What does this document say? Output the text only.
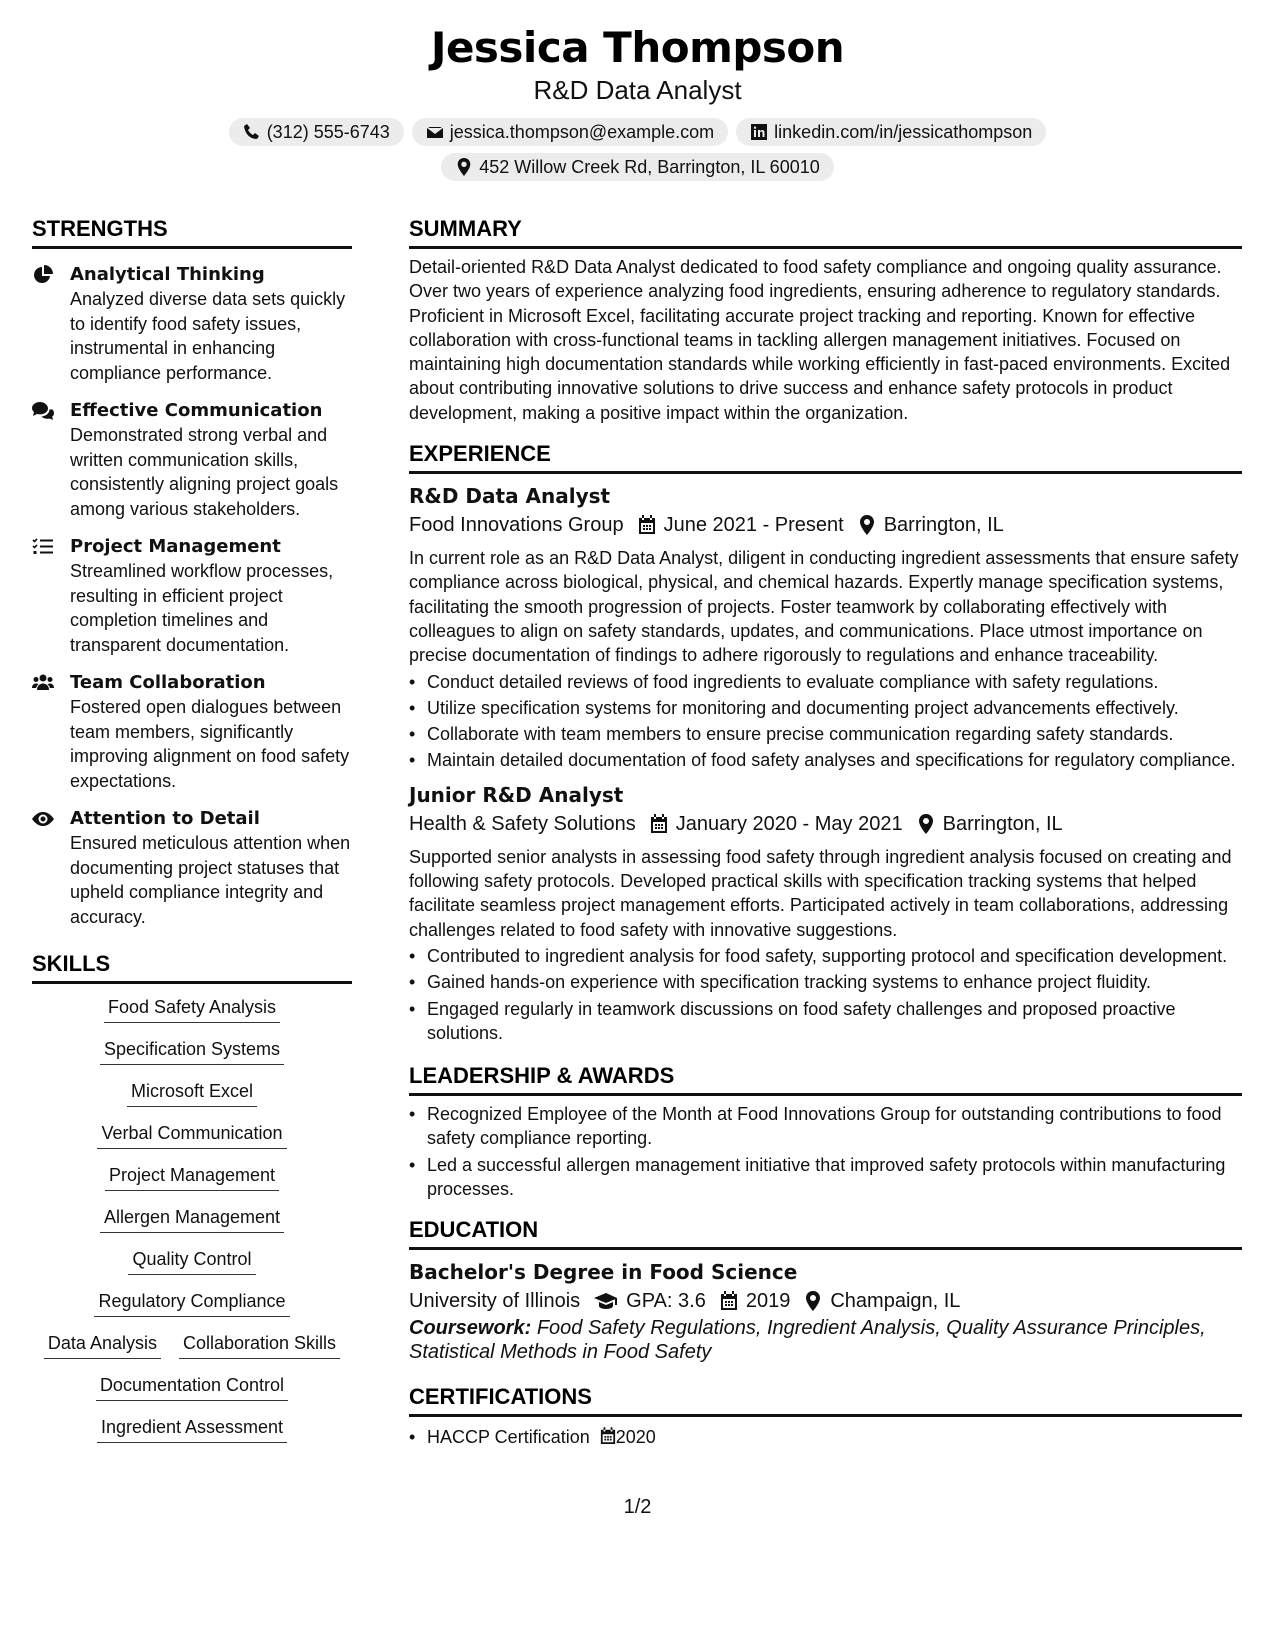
Jessica Thompson
R&D Data Analyst
(312) 555-6743	jessica.thompson@example.com	linkedin.com/in/jessicathompson
452 Willow Creek Rd, Barrington, IL 60010
STRENGTHS
Analytical Thinking
Analyzed diverse data sets quickly to identify food safety issues, instrumental in enhancing compliance performance.
Effective Communication
Demonstrated strong verbal and written communication skills, consistently aligning project goals among various stakeholders.
Project Management
Streamlined workflow processes, resulting in efficient project completion timelines and transparent documentation.
Team Collaboration
Fostered open dialogues between team members, significantly improving alignment on food safety expectations.
Attention to Detail
Ensured meticulous attention when documenting project statuses that upheld compliance integrity and accuracy.
SKILLS
Food Safety Analysis
Specification Systems
Microsoft Excel
Verbal Communication
Project Management
Allergen Management
Quality Control
Regulatory Compliance
Data Analysis Collaboration Skills
Documentation Control
Ingredient Assessment
SUMMARY
Detail-oriented R&D Data Analyst dedicated to food safety compliance and ongoing quality assurance. Over two years of experience analyzing food ingredients, ensuring adherence to regulatory standards. Proficient in Microsoft Excel, facilitating accurate project tracking and reporting. Known for effective collaboration with cross-functional teams in tackling allergen management initiatives. Focused on maintaining high documentation standards while working efficiently in fast-paced environments. Excited about contributing innovative solutions to drive success and enhance safety protocols in product development, making a positive impact within the organization.
EXPERIENCE
R&D Data Analyst
Food Innovations Group June 2021 - Present Barrington, IL
In current role as an R&D Data Analyst, diligent in conducting ingredient assessments that ensure safety compliance across biological, physical, and chemical hazards. Expertly manage specification systems, facilitating the smooth progression of projects. Foster teamwork by collaborating effectively with colleagues to align on safety standards, updates, and communications. Place utmost importance on precise documentation of findings to adhere rigorously to regulations and enhance traceability.
• Conduct detailed reviews of food ingredients to evaluate compliance with safety regulations.
• Utilize specification systems for monitoring and documenting project advancements effectively.
• Collaborate with team members to ensure precise communication regarding safety standards.
• Maintain detailed documentation of food safety analyses and specifications for regulatory compliance.
Junior R&D Analyst
Health & Safety Solutions January 2020 - May 2021 Barrington, IL
Supported senior analysts in assessing food safety through ingredient analysis focused on creating and following safety protocols. Developed practical skills with specification tracking systems that helped facilitate seamless project management efforts. Participated actively in team collaborations, addressing challenges related to food safety with innovative suggestions.
• Contributed to ingredient analysis for food safety, supporting protocol and specification development.
• Gained hands-on experience with specification tracking systems to enhance project fluidity.
• Engaged regularly in teamwork discussions on food safety challenges and proposed proactive solutions.
LEADERSHIP & AWARDS
• Recognized Employee of the Month at Food Innovations Group for outstanding contributions to food safety compliance reporting.
• Led a successful allergen management initiative that improved safety protocols within manufacturing processes.
EDUCATION
Bachelor's Degree in Food Science
University of Illinois GPA: 3.6 2019 Champaign, IL
Coursework: Food Safety Regulations, Ingredient Analysis, Quality Assurance Principles, Statistical Methods in Food Safety
CERTIFICATIONS
• HACCP Certification 2020
1/2
